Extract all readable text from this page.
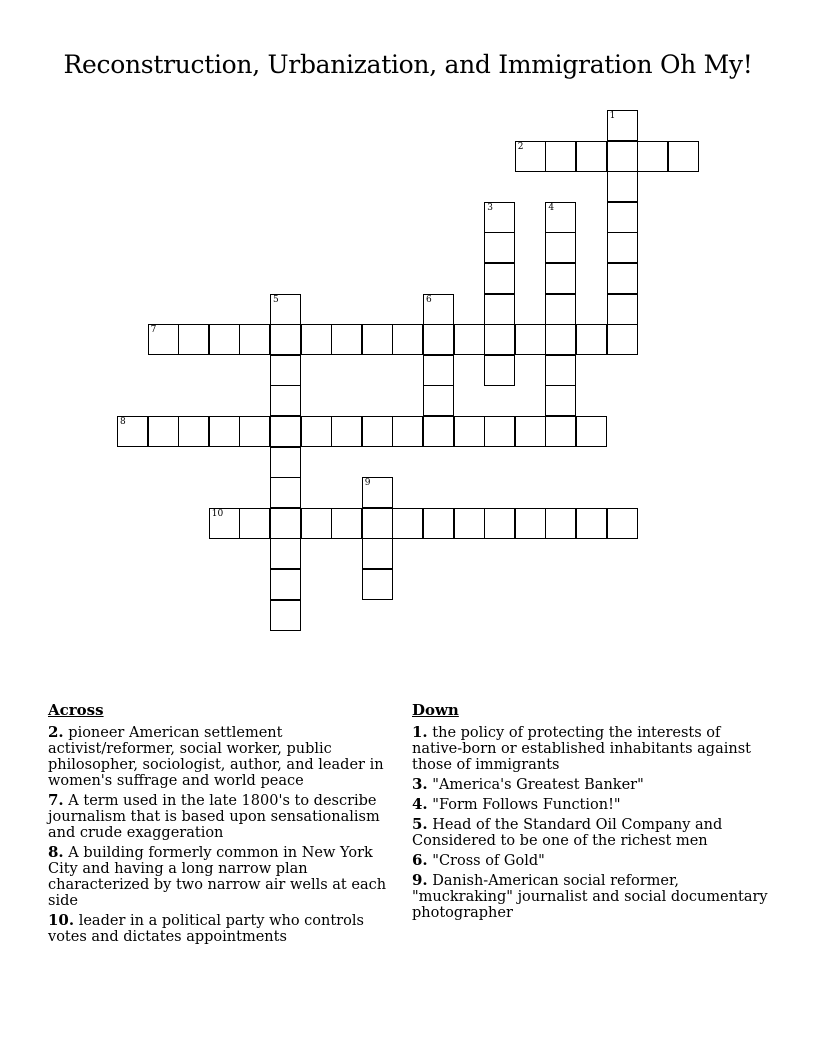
Reconstruction, Urbanization, and Immigration Oh My!
1
2
3	4
5	6
7
8
9
10
Across
2. pioneer American settlement activist/reformer, social worker, public philosopher, sociologist, author, and leader in women's suffrage and world peace
7. A term used in the late 1800's to describe journalism that is based upon sensationalism and crude exaggeration
8. A building formerly common in New York City and having a long narrow plan characterized by two narrow air wells at each side
10. leader in a political party who controls votes and dictates appointments
Down
1. the policy of protecting the interests of native-born or established inhabitants against those of immigrants
3. "America's Greatest Banker"
4. "Form Follows Function!"
5. Head of the Standard Oil Company and Considered to be one of the richest men
6. "Cross of Gold"
9. Danish-American social reformer, "muckraking" journalist and social documentary photographer
